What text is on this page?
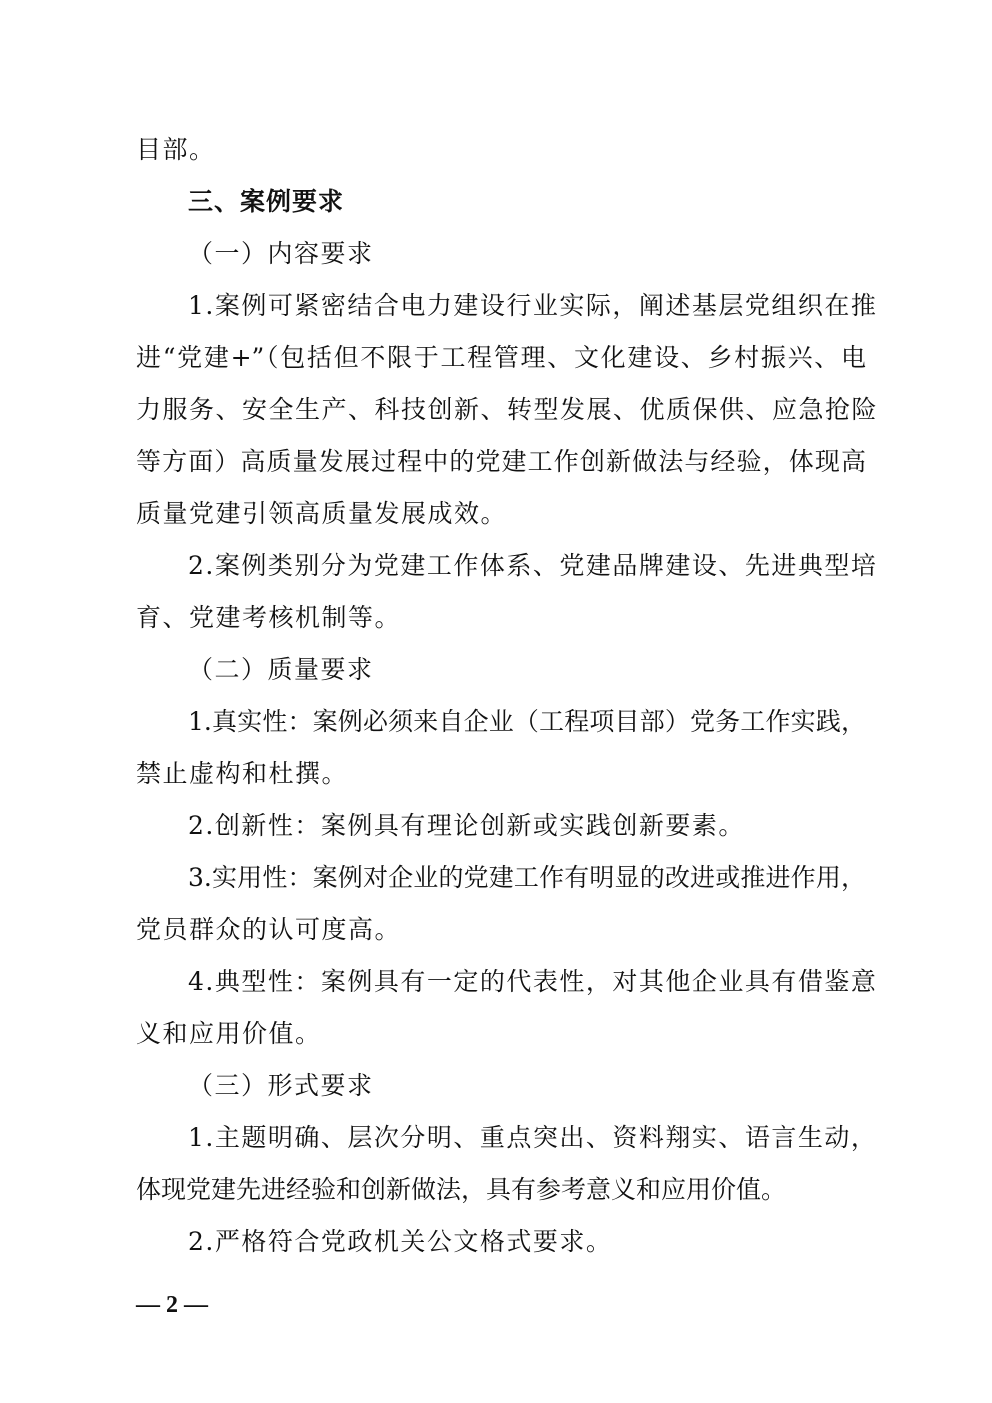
目部。
三、案例要求
（一）内容要求
1.案例可紧密结合电力建设行业实际，阐述基层党组织在推
进“党建+”（包括但不限于工程管理、文化建设、乡村振兴、电
力服务、安全生产、科技创新、转型发展、优质保供、应急抢险
等方面）高质量发展过程中的党建工作创新做法与经验，体现高
质量党建引领高质量发展成效。
2.案例类别分为党建工作体系、党建品牌建设、先进典型培
育、党建考核机制等。
（二）质量要求
1.真实性：案例必须来自企业（工程项目部）党务工作实践，
禁止虚构和杜撰。
2.创新性：案例具有理论创新或实践创新要素。
3.实用性：案例对企业的党建工作有明显的改进或推进作用，
党员群众的认可度高。
4.典型性：案例具有一定的代表性，对其他企业具有借鉴意
义和应用价值。
（三）形式要求
1.主题明确、层次分明、重点突出、资料翔实、语言生动，
体现党建先进经验和创新做法，具有参考意义和应用价值。
2.严格符合党政机关公文格式要求。
— 2 —
